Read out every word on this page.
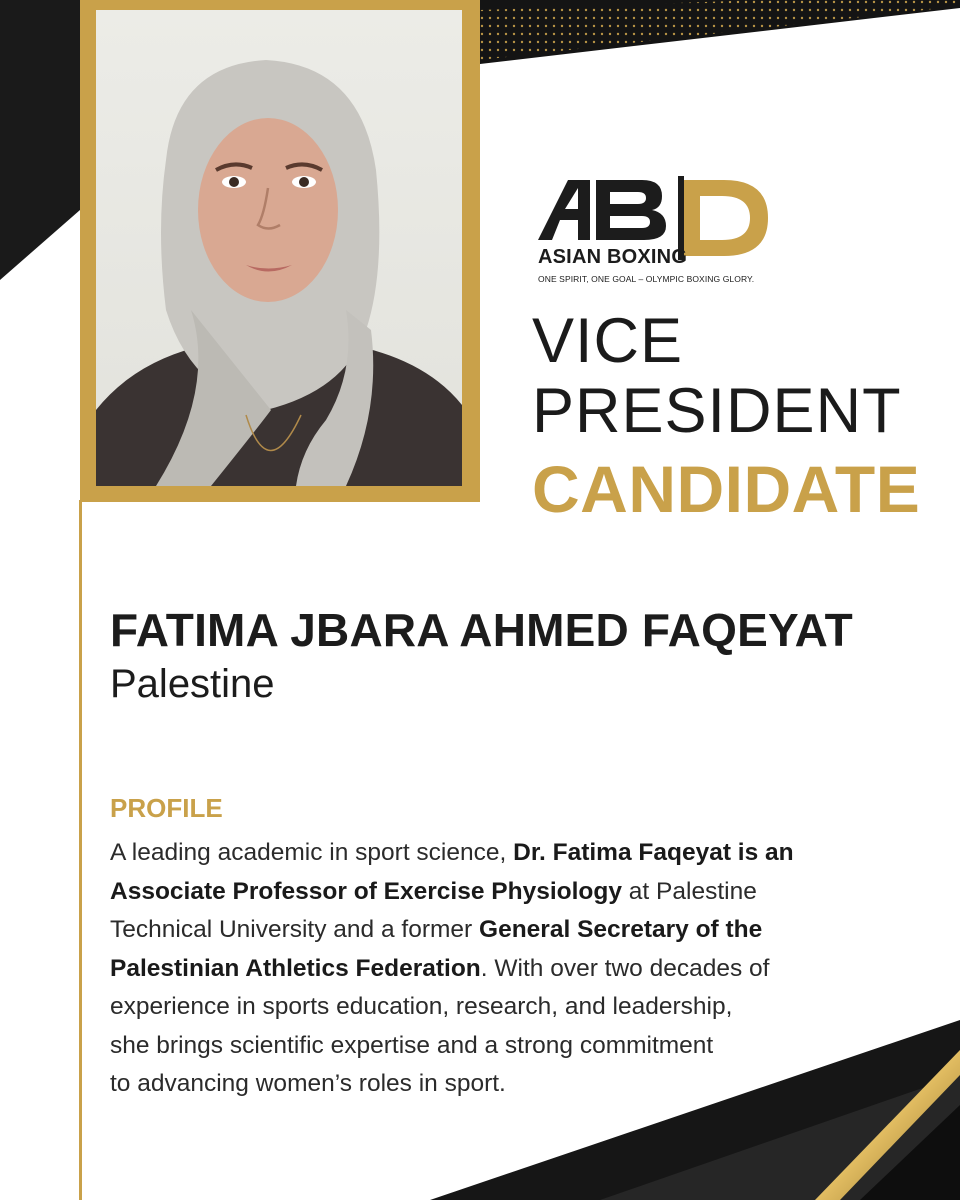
ASIAN BOXING
ONE SPIRIT, ONE GOAL – OLYMPIC BOXING GLORY.
VICE
PRESIDENT
CANDIDATE
FATIMA JBARA AHMED FAQEYAT
Palestine
PROFILE
A leading academic in sport science, Dr. Fatima Faqeyat is an
Associate Professor of Exercise Physiology at Palestine
Technical University and a former General Secretary of the
Palestinian Athletics Federation. With over two decades of
experience in sports education, research, and leadership,
she brings scientific expertise and a strong commitment
to advancing women’s roles in sport.
